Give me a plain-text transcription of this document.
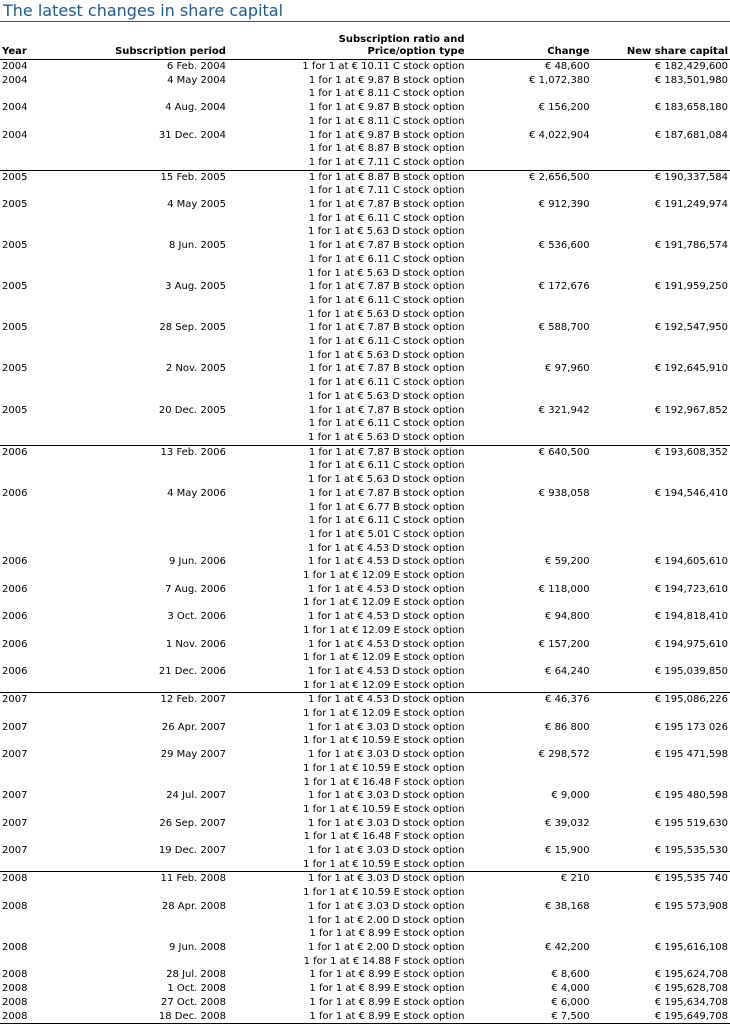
The latest changes in share capital
Year	Subscription period	Subscription ratio and
Price/option type	Change	New share capital
2004	6 Feb. 2004	1 for 1 at € 10.11 C stock option	€ 48,600	€ 182,429,600
2004	4 May 2004	1 for 1 at € 9.87 B stock option
1 for 1 at € 8.11 C stock option	€ 1,072,380	€ 183,501,980
2004	4 Aug. 2004	1 for 1 at € 9.87 B stock option
1 for 1 at € 8.11 C stock option	€ 156,200	€ 183,658,180
2004	31 Dec. 2004	1 for 1 at € 9.87 B stock option
1 for 1 at € 8.87 B stock option
1 for 1 at € 7.11 C stock option	€ 4,022,904	€ 187,681,084
2005	15 Feb. 2005	1 for 1 at € 8.87 B stock option
1 for 1 at € 7.11 C stock option	€ 2,656,500	€ 190,337,584
2005	4 May 2005	1 for 1 at € 7.87 B stock option
1 for 1 at € 6.11 C stock option
1 for 1 at € 5.63 D stock option	€ 912,390	€ 191,249,974
2005	8 Jun. 2005	1 for 1 at € 7.87 B stock option
1 for 1 at € 6.11 C stock option
1 for 1 at € 5.63 D stock option	€ 536,600	€ 191,786,574
2005	3 Aug. 2005	1 for 1 at € 7.87 B stock option
1 for 1 at € 6.11 C stock option
1 for 1 at € 5.63 D stock option	€ 172,676	€ 191,959,250
2005	28 Sep. 2005	1 for 1 at € 7.87 B stock option
1 for 1 at € 6.11 C stock option
1 for 1 at € 5.63 D stock option	€ 588,700	€ 192,547,950
2005	2 Nov. 2005	1 for 1 at € 7.87 B stock option
1 for 1 at € 6.11 C stock option
1 for 1 at € 5.63 D stock option	€ 97,960	€ 192,645,910
2005	20 Dec. 2005	1 for 1 at € 7.87 B stock option
1 for 1 at € 6.11 C stock option
1 for 1 at € 5.63 D stock option	€ 321,942	€ 192,967,852
2006	13 Feb. 2006	1 for 1 at € 7.87 B stock option
1 for 1 at € 6.11 C stock option
1 for 1 at € 5.63 D stock option	€ 640,500	€ 193,608,352
2006	4 May 2006	1 for 1 at € 7.87 B stock option
1 for 1 at € 6.77 B stock option
1 for 1 at € 6.11 C stock option
1 for 1 at € 5.01 C stock option
1 for 1 at € 4.53 D stock option	€ 938,058	€ 194,546,410
2006	9 Jun. 2006	1 for 1 at € 4.53 D stock option
1 for 1 at € 12.09 E stock option	€ 59,200	€ 194,605,610
2006	7 Aug. 2006	1 for 1 at € 4.53 D stock option
1 for 1 at € 12.09 E stock option	€ 118,000	€ 194,723,610
2006	3 Oct. 2006	1 for 1 at € 4.53 D stock option
1 for 1 at € 12.09 E stock option	€ 94,800	€ 194,818,410
2006	1 Nov. 2006	1 for 1 at € 4.53 D stock option
1 for 1 at € 12.09 E stock option	€ 157,200	€ 194,975,610
2006	21 Dec. 2006	1 for 1 at € 4.53 D stock option
1 for 1 at € 12.09 E stock option	€ 64,240	€ 195,039,850
2007	12 Feb. 2007	1 for 1 at € 4.53 D stock option
1 for 1 at € 12.09 E stock option	€ 46,376	€ 195,086,226
2007	26 Apr. 2007	1 for 1 at € 3.03 D stock option
1 for 1 at € 10.59 E stock option	€ 86 800	€ 195 173 026
2007	29 May 2007	1 for 1 at € 3.03 D stock option
1 for 1 at € 10.59 E stock option
1 for 1 at € 16.48 F stock option	€ 298,572	€ 195 471,598
2007	24 Jul. 2007	1 for 1 at € 3.03 D stock option
1 for 1 at € 10.59 E stock option	€ 9,000	€ 195 480,598
2007	26 Sep. 2007	1 for 1 at € 3.03 D stock option
1 for 1 at € 16.48 F stock option	€ 39,032	€ 195 519,630
2007	19 Dec. 2007	1 for 1 at € 3.03 D stock option
1 for 1 at € 10.59 E stock option	€ 15,900	€ 195,535,530
2008	11 Feb. 2008	1 for 1 at € 3.03 D stock option
1 for 1 at € 10.59 E stock option	€ 210	€ 195,535 740
2008	28 Apr. 2008	1 for 1 at € 3.03 D stock option
1 for 1 at € 2.00 D stock option
1 for 1 at € 8.99 E stock option	€ 38,168	€ 195 573,908
2008	9 Jun. 2008	1 for 1 at € 2.00 D stock option
1 for 1 at € 14.88 F stock option	€ 42,200	€ 195,616,108
2008	28 Jul. 2008	1 for 1 at € 8.99 E stock option	€ 8,600	€ 195,624,708
2008	1 Oct. 2008	1 for 1 at € 8.99 E stock option	€ 4,000	€ 195,628,708
2008	27 Oct. 2008	1 for 1 at € 8.99 E stock option	€ 6,000	€ 195,634,708
2008	18 Dec. 2008	1 for 1 at € 8.99 E stock option	€ 7,500	€ 195,649,708
